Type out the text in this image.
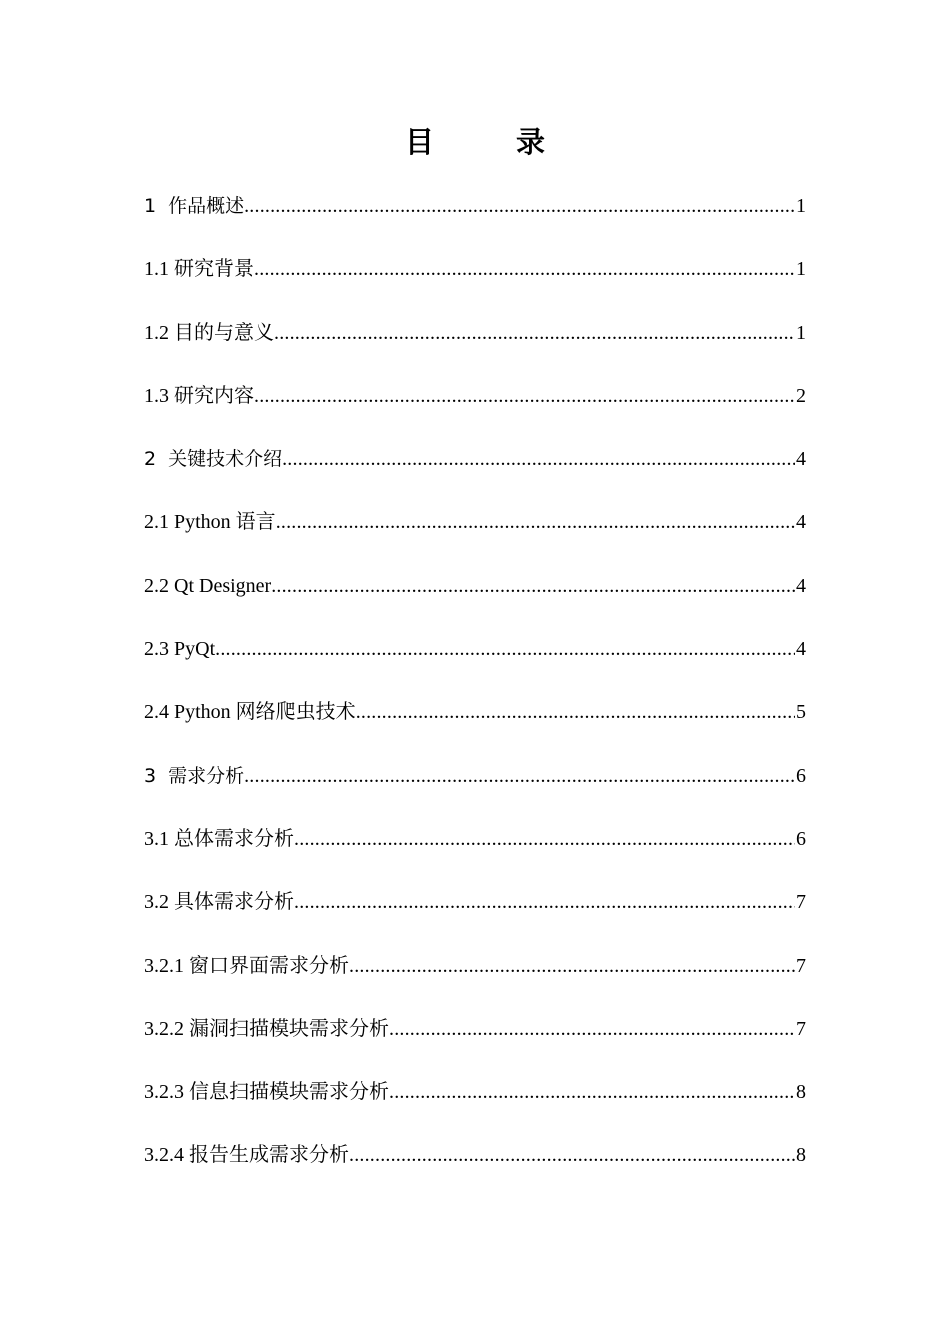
目 录
1 作品概述 .....	1
1.1 研究背景 .....	1
1.2 目的与意义 .....	1
1.3 研究内容 .....	2
2 关键技术介绍 .....	4
2.1 Python 语言 .....	4
2.2 Qt Designer .....	4
2.3 PyQt .....	4
2.4 Python 网络爬虫技术 .....	5
3 需求分析 .....	6
3.1 总体需求分析 .....	6
3.2 具体需求分析 .....	7
3.2.1 窗口界面需求分析 .....	7
3.2.2 漏洞扫描模块需求分析 .....	7
3.2.3 信息扫描模块需求分析 .....	8
3.2.4 报告生成需求分析 .....	8
